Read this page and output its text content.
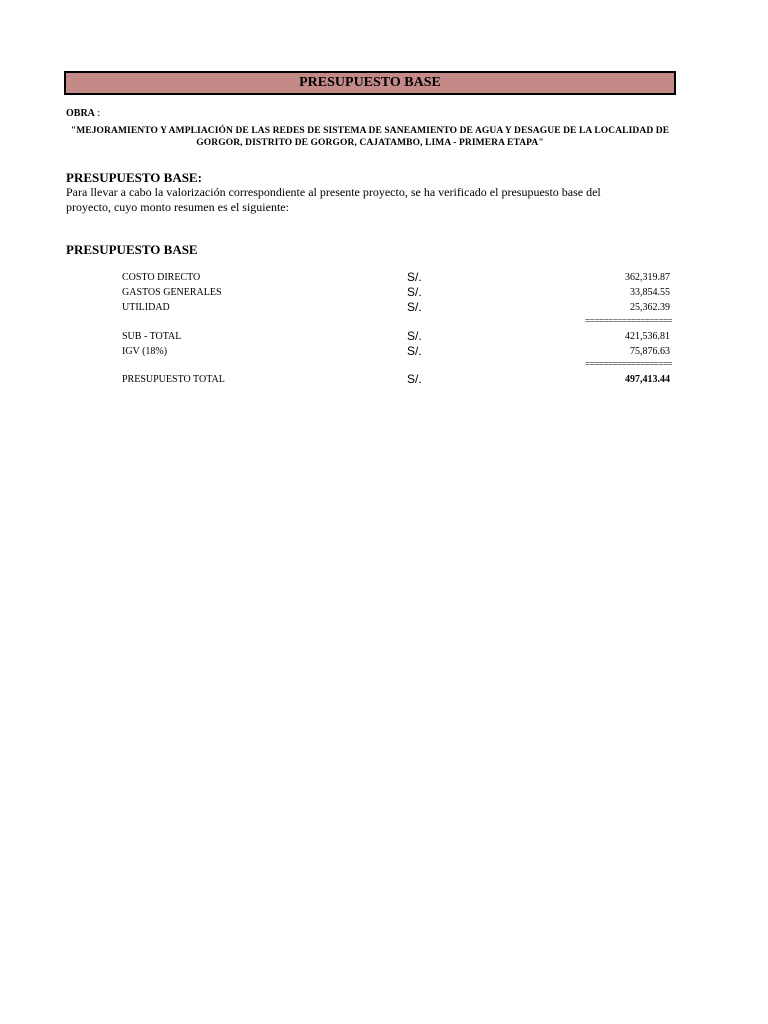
PRESUPUESTO BASE
OBRA :
"MEJORAMIENTO Y AMPLIACIÓN DE LAS REDES DE SISTEMA DE SANEAMIENTO DE AGUA Y DESAGUE DE LA LOCALIDAD DE
GORGOR, DISTRITO DE GORGOR, CAJATAMBO, LIMA - PRIMERA ETAPA"
PRESUPUESTO BASE:
Para llevar a cabo la valorización correspondiente al presente proyecto, se ha verificado el presupuesto base del proyecto, cuyo monto resumen es el siguiente:
PRESUPUESTO BASE
COSTO DIRECTO	S/.	362,319.87
GASTOS GENERALES	S/.	33,854.55
UTILIDAD	S/.	25,362.39
===================
SUB - TOTAL	S/.	421,536.81
IGV (18%)	S/.	75,876.63
===================
PRESUPUESTO TOTAL	S/.	497,413.44
